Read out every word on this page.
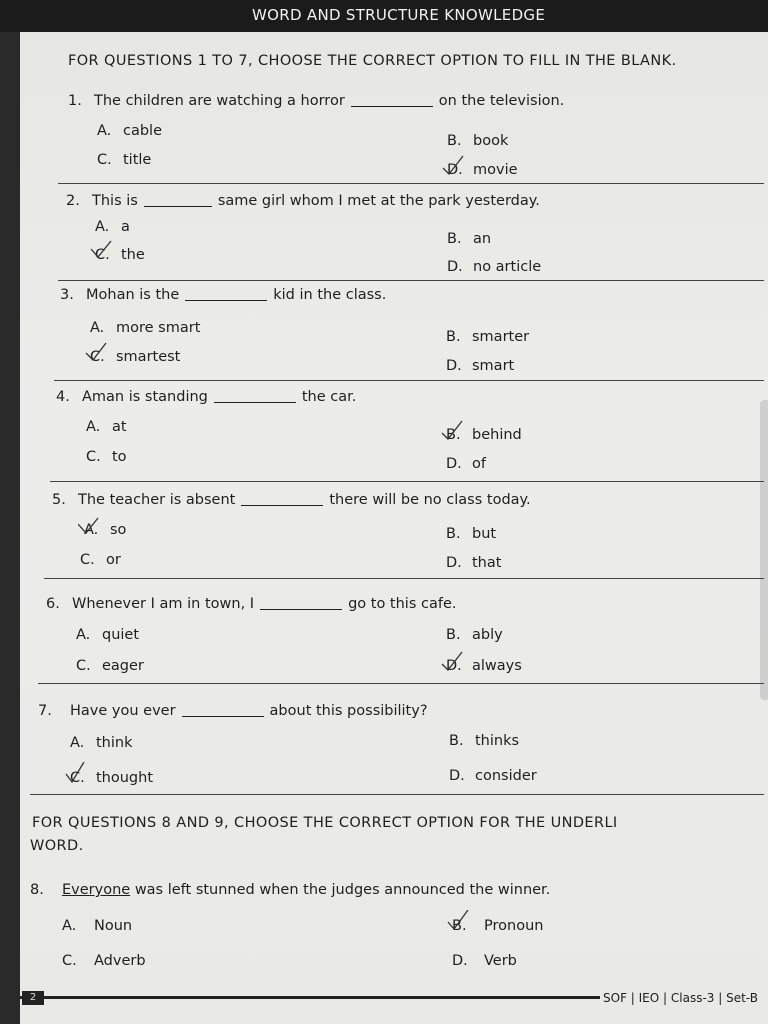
WORD AND STRUCTURE KNOWLEDGE
FOR QUESTIONS 1 TO 7, CHOOSE THE CORRECT OPTION TO FILL IN THE BLANK.
1. The children are watching a horror	on the television.
A. cable
B. book
C. title
D. movie
2. This is	same girl whom I met at the park yesterday.
A. a
B. an
C. the
D. no article
3. Mohan is the	kid in the class.
A. more smart
B. smarter
C. smartest
D. smart
4. Aman is standing	the car.
A. at	B. behind
C. to	D. of
5. The teacher is absent	there will be no class today.
A. so	B. but
C. or	D. that
6. Whenever I am in town, I	go to this cafe.
A. quiet	B. ably
C. eager	D. always
7. Have you ever	about this possibility?
A. think	B. thinks
C. thought	D. consider
FOR QUESTIONS 8 AND 9, CHOOSE THE CORRECT OPTION FOR THE UNDERLI
WORD.
8. Everyone was left stunned when the judges announced the winner.
A. Noun	B. Pronoun
C. Adverb	D. Verb
2	SOF | IEO | Class-3 | Set-B
